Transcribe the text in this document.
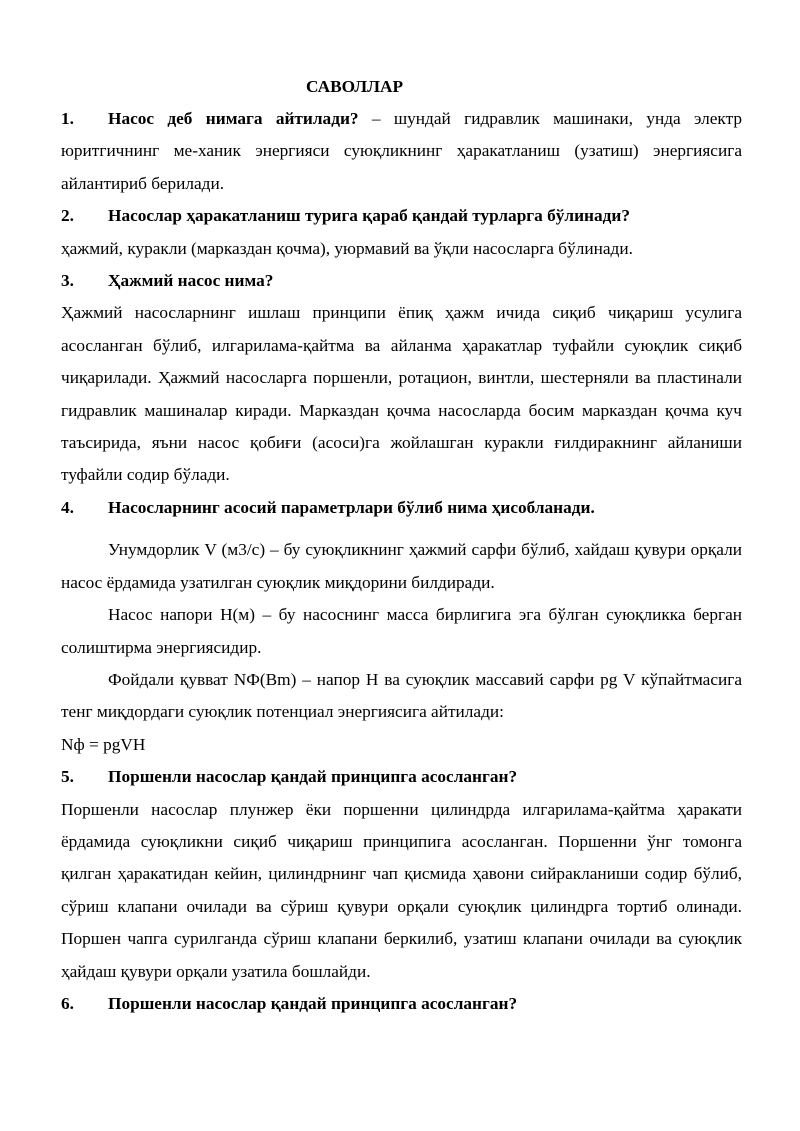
САВОЛЛАР

1.	Насос деб нимага айтилади? – шундай гидравлик машинаки, унда электр

юритгичнинг ме-ханик энергияси суюқликнинг ҳаракатланиш (узатиш) энергиясига айлантириб берилади.

2.	Насослар ҳаракатланиш турига қараб қандай турларга бўлинади?

ҳажмий, куракли (марказдан қочма), уюрмавий ва ўқли насосларга бўлинади.

3.	Ҳажмий насос нима?

Ҳажмий насосларнинг ишлаш принципи ёпиқ ҳажм ичида сиқиб чиқариш усулига асосланган бўлиб, илгарилама-қайтма ва айланма ҳаракатлар туфайли суюқлик сиқиб чиқарилади. Ҳажмий насосларга поршенли, ротацион, винтли, шестерняли ва пластинали гидравлик машиналар киради. Марказдан қочма насосларда босим марказдан қочма куч таъсирида, яъни насос қобиғи (асоси)га жойлашган куракли ғилдиракнинг айланиши туфайли содир бўлади.

4.	Насосларнинг асосий параметрлари бўлиб нима ҳисобланади.

Унумдорлик V (м3/с) – бу суюқликнинг ҳажмий сарфи бўлиб, хайдаш қувури орқали насос ёрдамида узатилган суюқлик миқдорини билдиради.

Насос напори Н(м) – бу насоснинг масса бирлигига эга бўлган суюқликка берган солиштирма энергиясидир.

Фойдали қувват NФ(Вm) – напор Н ва суюқлик массавий сарфи pg V кўпайтмасига тенг миқдордаги суюқлик потенциал энергиясига айтилади:

Nф = pgVH

5.	Поршенли насослар қандай принципга асосланган?

Поршенли насослар плунжер ёки поршенни цилиндрда илгарилама-қайтма ҳаракати ёрдамида суюқликни сиқиб чиқариш принципига асосланган. Поршенни ўнг томонга қилган ҳаракатидан кейин, цилиндрнинг чап қисмида ҳавони сийраклaниши содир бўлиб, сўриш клапани очилади ва сўриш қувури орқали суюқлик цилиндрга тортиб олинади. Поршен чапга сурилганда сўриш клапани беркилиб, узатиш клапани очилади ва суюқлик ҳайдаш қувури орқали узатила бошлайди.

6.	Поршенли насослар қандай принципга асосланган?
